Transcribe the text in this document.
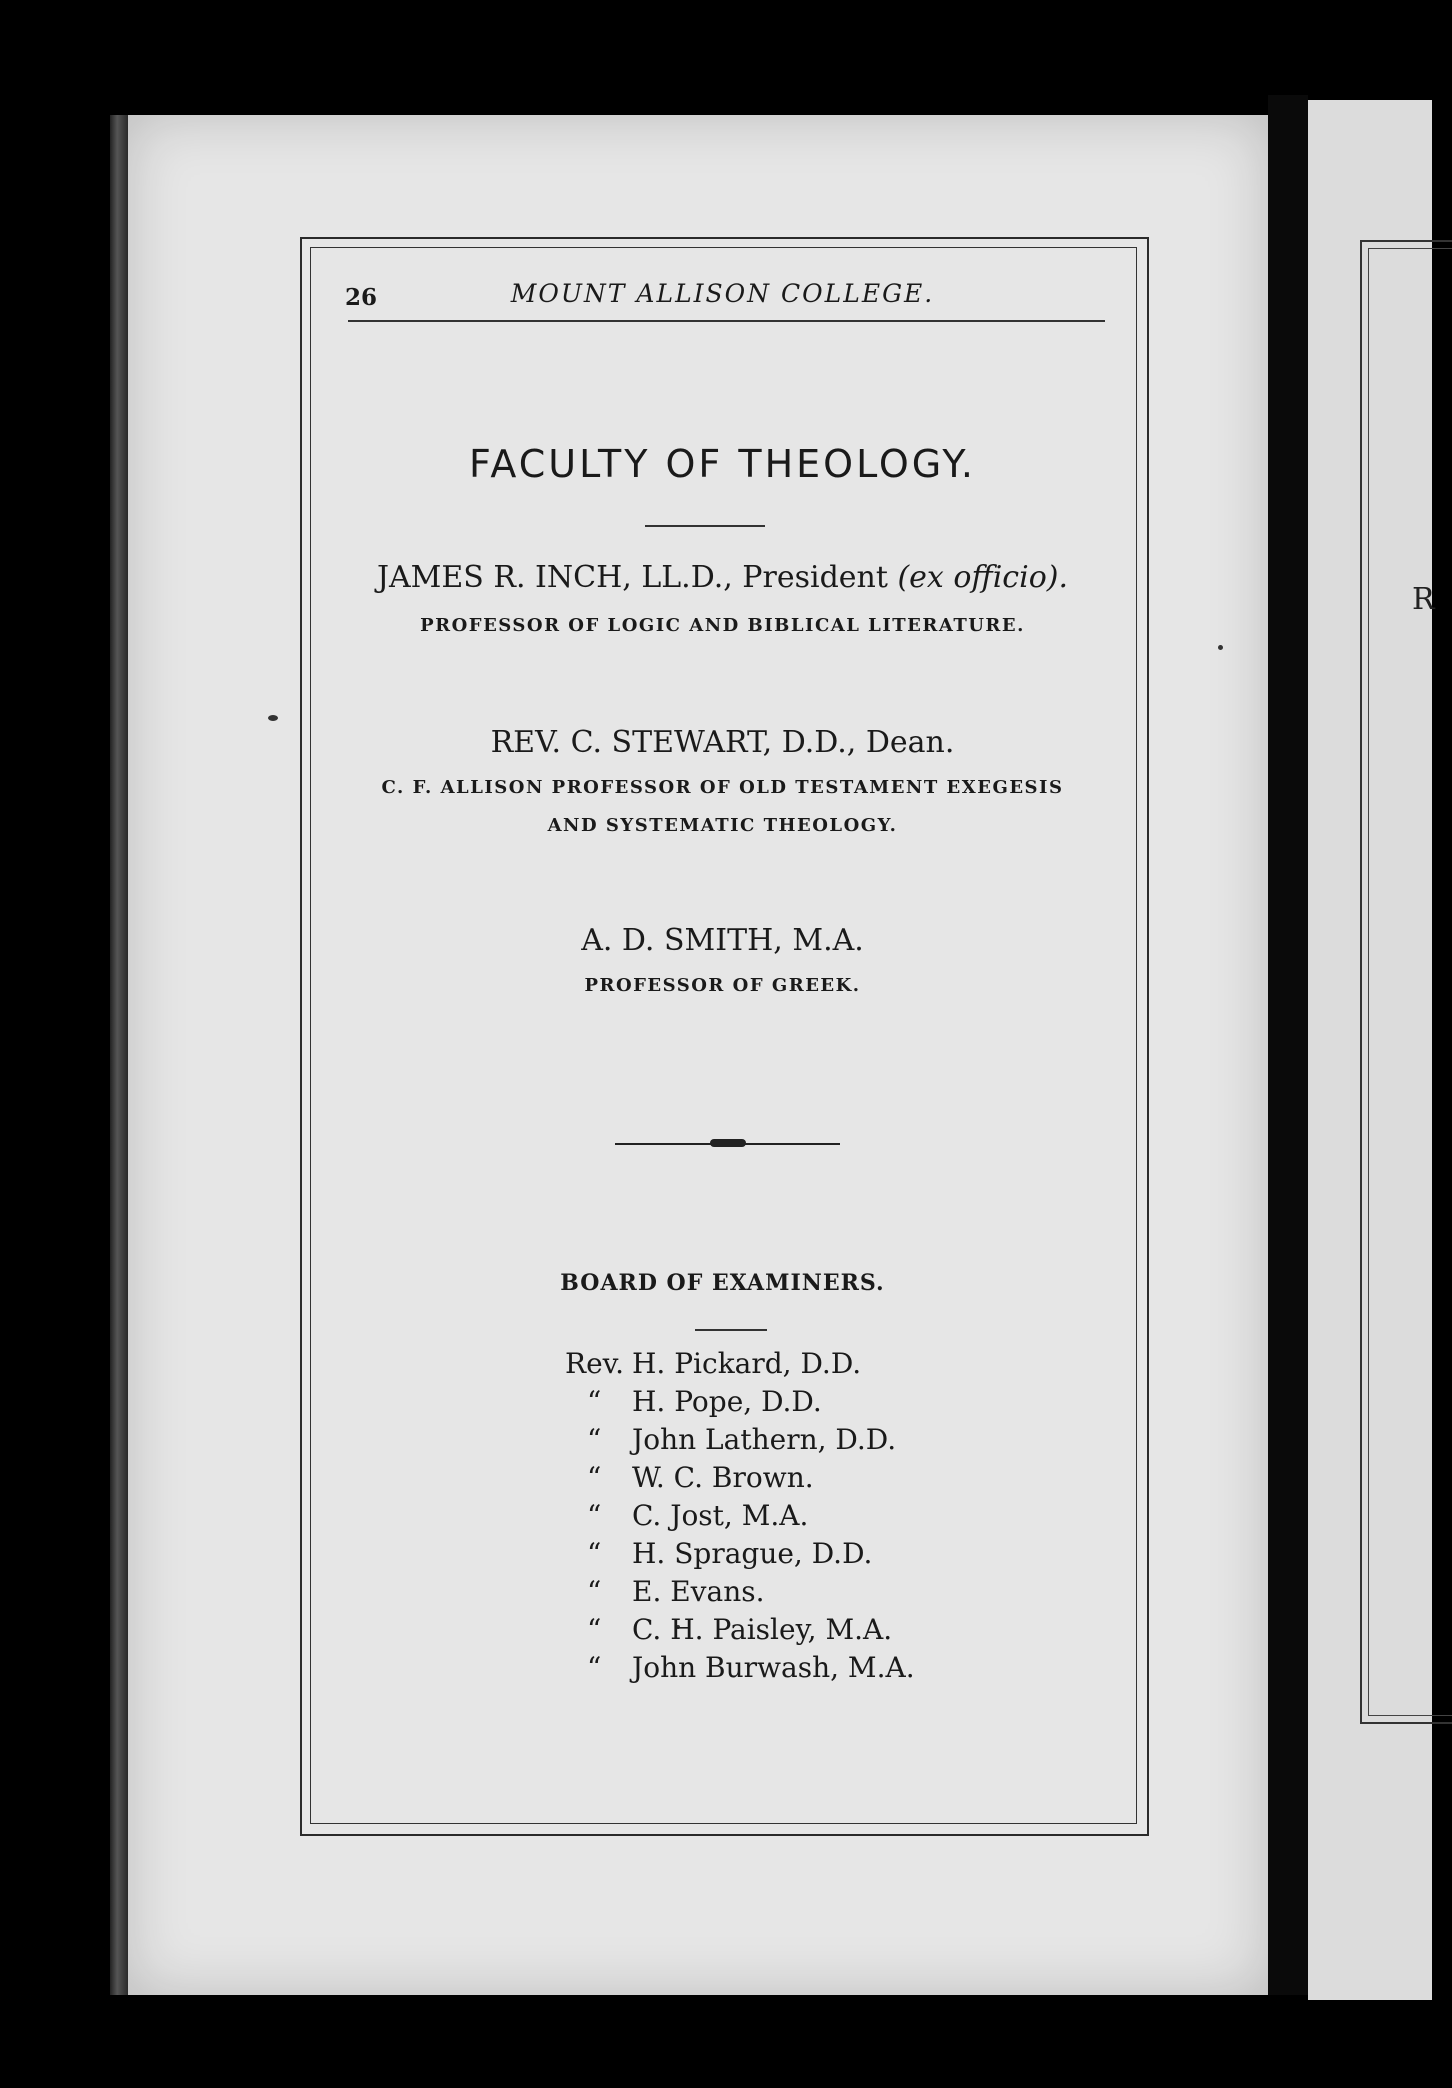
R
26	MOUNT ALLISON COLLEGE.
FACULTY OF THEOLOGY.
JAMES R. INCH, LL.D., President (ex officio).
PROFESSOR OF LOGIC AND BIBLICAL LITERATURE.
REV. C. STEWART, D.D., Dean.
C. F. ALLISON PROFESSOR OF OLD TESTAMENT EXEGESIS
AND SYSTEMATIC THEOLOGY.
A. D. SMITH, M.A.
PROFESSOR OF GREEK.
BOARD OF EXAMINERS.
Rev. H. Pickard, D.D.
“	H. Pope, D.D.
“	John Lathern, D.D.
“	W. C. Brown.
“	C. Jost, M.A.
“	H. Sprague, D.D.
“	E. Evans.
“	C. H. Paisley, M.A.
“	John Burwash, M.A.
